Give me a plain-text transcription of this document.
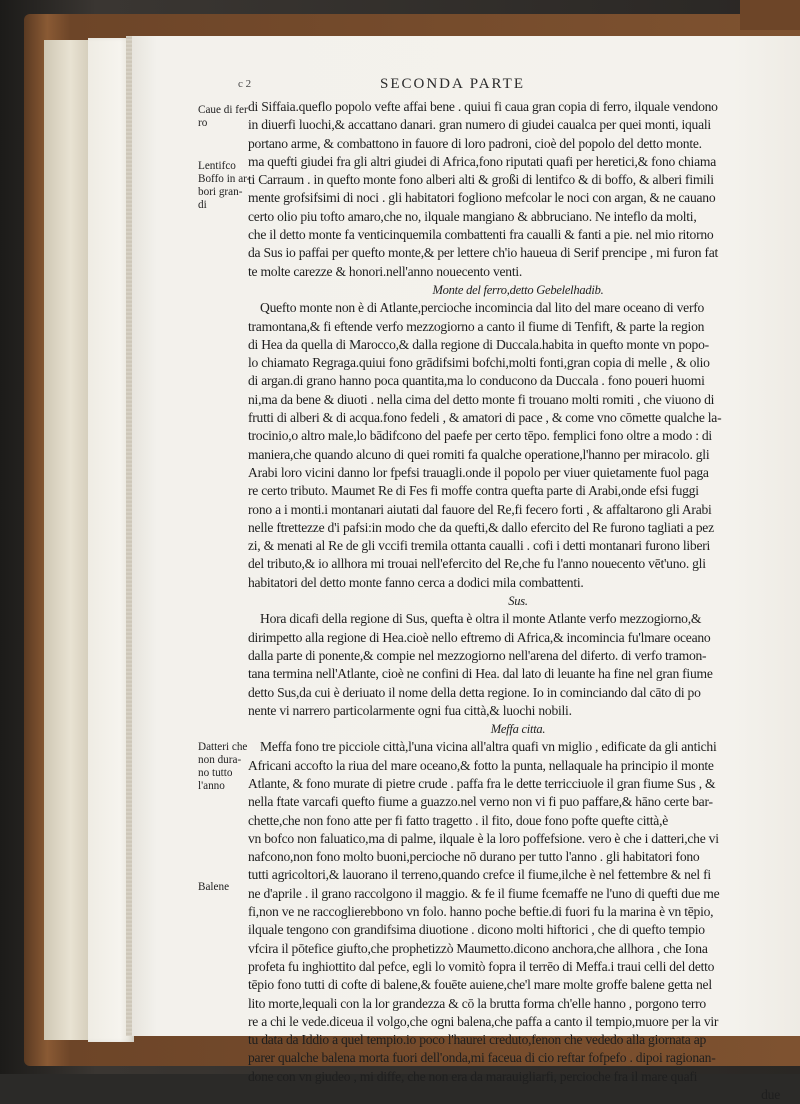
c 2	SECONDA PARTE
Caue di fer
ro
Lentifco
Boffo in ar-
bori gran-
di
Datteri che
non dura-
no tutto
l'anno
Balene
di Siffaia.queflo popolo vefte affai bene . quiui fi caua gran copia di ferro, ilquale vendono
in diuerfi luochi,& accattano danari. gran numero di giudei caualca per quei monti, iquali
portano arme, & combattono in fauore di loro padroni, cioè del popolo del detto monte.
ma quefti giudei fra gli altri giudei di Africa,fono riputati quafi per heretici,& fono chiama
ti Carraum . in quefto monte fono alberi alti & großi di lentifco & di boffo, & alberi fimili
mente grofsifsimi di noci . gli habitatori fogliono mefcolar le noci con argan, & ne cauano
certo olio piu tofto amaro,che no, ilquale mangiano & abbruciano. Ne inteflo da molti,
che il detto monte fa venticinquemila combattenti fra caualli & fanti a pie. nel mio ritorno
da Sus io paffai per quefto monte,& per lettere ch'io haueua di Serif prencipe , mi furon fat
te molte carezze & honori.nell'anno nouecento venti.
Monte del ferro,detto Gebelelhadib.
Quefto monte non è di Atlante,percioche incomincia dal lito del mare oceano di verfo
tramontana,& fi eftende verfo mezzogiorno a canto il fiume di Tenfift, & parte la region
di Hea da quella di Marocco,& dalla regione di Duccala.habita in quefto monte vn popo-
lo chiamato Regraga.quiui fono grādifsimi bofchi,molti fonti,gran copia di melle , & olio
di argan.di grano hanno poca quantita,ma lo conducono da Duccala . fono poueri huomi
ni,ma da bene & diuoti . nella cima del detto monte fi trouano molti romiti , che viuono di
frutti di alberi & di acqua.fono fedeli , & amatori di pace , & come vno cōmette qualche la-
trocinio,o altro male,lo bādifcono del paefe per certo tēpo. femplici fono oltre a modo : di
maniera,che quando alcuno di quei romiti fa qualche operatione,l'hanno per miracolo. gli
Arabi loro vicini danno lor fpefsi trauagli.onde il popolo per viuer quietamente fuol paga
re certo tributo. Maumet Re di Fes fi moffe contra quefta parte di Arabi,onde efsi fuggi
rono a i monti.i montanari aiutati dal fauore del Re,fi fecero forti , & affaltarono gli Arabi
nelle ftrettezze d'i pafsi:in modo che da quefti,& dallo efercito del Re furono tagliati a pez
zi, & menati al Re de gli vccifi tremila ottanta caualli . cofi i detti montanari furono liberi
del tributo,& io allhora mi trouai nell'efercito del Re,che fu l'anno nouecento vēt'uno. gli
habitatori del detto monte fanno cerca a dodici mila combattenti.
Sus.
Hora dicafi della regione di Sus, quefta è oltra il monte Atlante verfo mezzogiorno,&
dirimpetto alla regione di Hea.cioè nello eftremo di Africa,& incomincia fu'lmare oceano
dalla parte di ponente,& compie nel mezzogiorno nell'arena del diferto. di verfo tramon-
tana termina nell'Atlante, cioè ne confini di Hea. dal lato di leuante ha fine nel gran fiume
detto Sus,da cui è deriuato il nome della detta regione. Io in cominciando dal cāto di po
nente vi narrero particolarmente ogni fua città,& luochi nobili.
Meffa citta.
Meffa fono tre picciole città,l'una vicina all'altra quafi vn miglio , edificate da gli antichi
Africani accofto la riua del mare oceano,& fotto la punta, nellaquale ha principio il monte
Atlante, & fono murate di pietre crude . paffa fra le dette terricciuole il gran fiume Sus , &
nella ftate varcafi quefto fiume a guazzo.nel verno non vi fi puo paffare,& hāno certe bar-
chette,che non fono atte per fi fatto tragetto . il fito, doue fono pofte quefte città,è
vn bofco non faluatico,ma di palme, ilquale è la loro poffefsione. vero è che i datteri,che vi
nafcono,non fono molto buoni,percioche nō durano per tutto l'anno . gli habitatori fono
tutti agricoltori,& lauorano il terreno,quando crefce il fiume,ilche è nel fettembre & nel fi
ne d'aprile . il grano raccolgono il maggio. & fe il fiume fcemaffe ne l'uno di quefti due me
fi,non ve ne raccoglierebbono vn folo. hanno poche beftie.di fuori fu la marina è vn tēpio,
ilquale tengono con grandifsima diuotione . dicono molti hiftorici , che di quefto tempio
vfcira il pōtefice giufto,che prophetizzò Maumetto.dicono anchora,che allhora , che Iona
profeta fu inghiottito dal pefce, egli lo vomitò fopra il terrēo di Meffa.i traui celli del detto
tēpio fono tutti di cofte di balene,& fouēte auiene,che'l mare molte groffe balene getta nel
lito morte,lequali con la lor grandezza & cō la brutta forma ch'elle hanno , porgono terro
re a chi le vede.diceua il volgo,che ogni balena,che paffa a canto il tempio,muore per la vir
tu data da Iddio a quel tempio.io poco l'haurei creduto,fenon che vededo alla giornata ap
parer qualche balena morta fuori dell'onda,mi faceua di cio reftar fofpefo . dipoi ragionan-
done con vn giudeo , mi diffe, che non era da marauigliarfi, percioche fra il mare quafi
due
